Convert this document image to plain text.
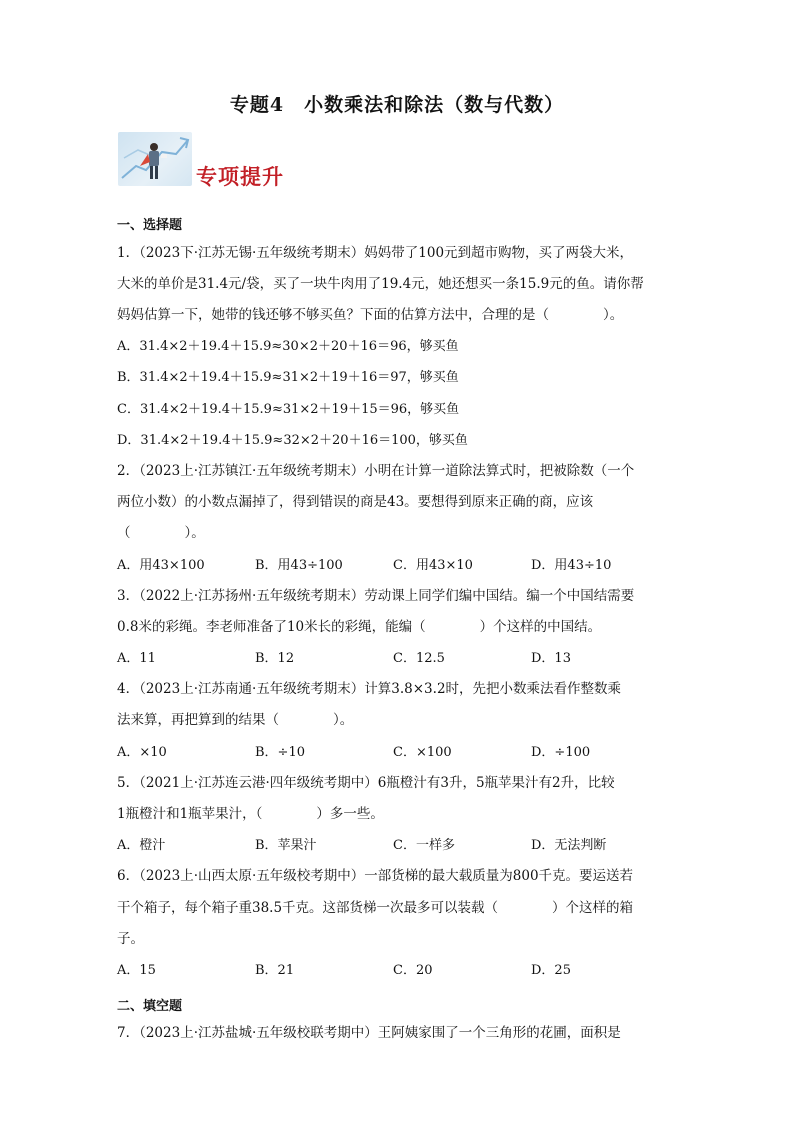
专题4　小数乘法和除法（数与代数）
专项提升
一、选择题
1．（2023下·江苏无锡·五年级统考期末）妈妈带了100元到超市购物，买了两袋大米，
大米的单价是31.4元/袋，买了一块牛肉用了19.4元，她还想买一条15.9元的鱼。请你帮
妈妈估算一下，她带的钱还够不够买鱼？下面的估算方法中，合理的是（　　　　）。
A．31.4×2＋19.4＋15.9≈30×2＋20＋16＝96，够买鱼
B．31.4×2＋19.4＋15.9≈31×2＋19＋16＝97，够买鱼
C．31.4×2＋19.4＋15.9≈31×2＋19＋15＝96，够买鱼
D．31.4×2＋19.4＋15.9≈32×2＋20＋16＝100，够买鱼
2．（2023上·江苏镇江·五年级统考期末）小明在计算一道除法算式时，把被除数（一个
两位小数）的小数点漏掉了，得到错误的商是43。要想得到原来正确的商，应该
（　　　　）。
A．用43×100	B．用43÷100	C．用43×10	D．用43÷10
3．（2022上·江苏扬州·五年级统考期末）劳动课上同学们编中国结。编一个中国结需要
0.8米的彩绳。李老师准备了10米长的彩绳，能编（　　　　）个这样的中国结。
A．11	B．12	C．12.5	D．13
4．（2023上·江苏南通·五年级统考期末）计算3.8×3.2时，先把小数乘法看作整数乘
法来算，再把算到的结果（　　　　）。
A．×10	B．÷10	C．×100	D．÷100
5．（2021上·江苏连云港·四年级统考期中）6瓶橙汁有3升，5瓶苹果汁有2升，比较
1瓶橙汁和1瓶苹果汁，（　　　　）多一些。
A．橙汁	B．苹果汁	C．一样多	D．无法判断
6．（2023上·山西太原·五年级校考期中）一部货梯的最大载质量为800千克。要运送若
干个箱子，每个箱子重38.5千克。这部货梯一次最多可以装载（　　　　）个这样的箱
子。
A．15	B．21	C．20	D．25
二、填空题
7．（2023上·江苏盐城·五年级校联考期中）王阿姨家围了一个三角形的花圃，面积是
